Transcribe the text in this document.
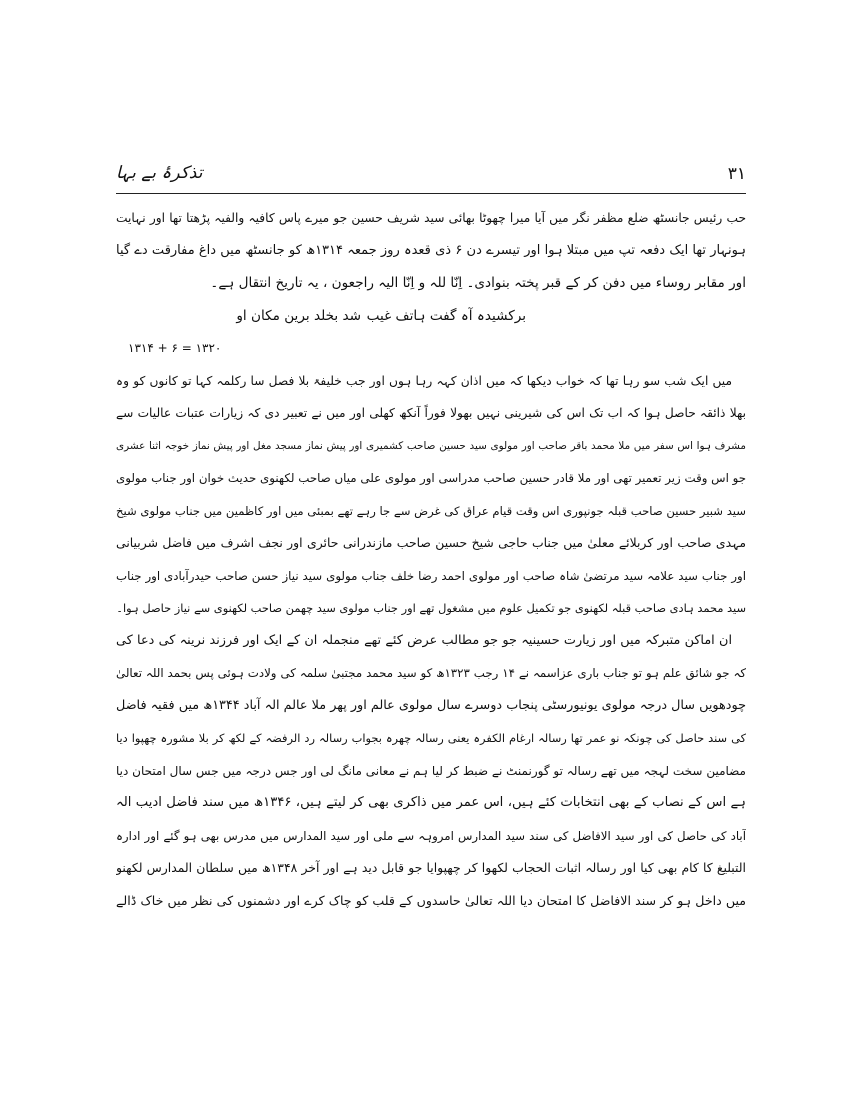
۳۱
تذکرۂ بے بہا
حب رئیس جانسٹھ ضلع مظفر نگر میں آیا میرا چھوٹا بھائی سید شریف حسین جو میرے پاس کافیہ والفیہ پڑھتا تھا اور نہایت
ہونہار تھا ایک دفعہ تپ میں مبتلا ہوا اور تیسرے دن ۶ ذی قعدہ روز جمعہ ۱۳۱۴ھ کو جانسٹھ میں داغ مفارقت دے گیا
اور مقابر روساء میں دفن کر کے قبر پختہ بنوادی۔ اِنّا للہ و اِنّا الیہ راجعون ، یہ تاریخ انتقال ہے۔
برکشیدہ آہ گفت ہاتف غیب
شد بخلد برین مکان او
۱۳۱۴ + ۶ = ۱۳۲۰
میں ایک شب سو رہا تھا کہ خواب دیکھا کہ میں اذان کہہ رہا ہوں اور جب خلیفۃ بلا فصل سا رکلمہ کہا تو کانوں کو وہ
بھلا ذائقہ حاصل ہوا کہ اب تک اس کی شیرینی نہیں بھولا فوراً آنکھ کھلی اور میں نے تعبیر دی کہ زیارات عتبات عالیات سے
مشرف ہوا اس سفر میں ملا محمد باقر صاحب اور مولوی سید حسین صاحب کشمیری اور پیش نماز مسجد مغل اور پیش نماز خوجہ اثنا عشری
جو اس وقت زیر تعمیر تھی اور ملا قادر حسین صاحب مدراسی اور مولوی علی میاں صاحب لکھنوی حدیث خوان اور جناب مولوی
سید شبیر حسین صاحب قبلہ جونپوری اس وقت قیام عراق کی غرض سے جا رہے تھے بمبئی میں اور کاظمین میں جناب مولوی شیخ
مہدی صاحب اور کربلائے معلیٰ میں جناب حاجی شیخ حسین صاحب مازندرانی حائری اور نجف اشرف میں فاضل شربیانی
اور جناب سید علامہ سید مرتضیٰ شاہ صاحب اور مولوی احمد رضا خلف جناب مولوی سید نیاز حسن صاحب حیدرآبادی اور جناب
سید محمد ہادی صاحب قبلہ لکھنوی جو تکمیل علوم میں مشغول تھے اور جناب مولوی سید چھمن صاحب لکھنوی سے نیاز حاصل ہوا۔
ان اماکن متبرکہ میں اور زیارت حسینیہ جو جو مطالب عرض کئے تھے منجملہ ان کے ایک اور فرزند نرینہ کی دعا کی
کہ جو شائق علم ہو تو جناب باری عزاسمہ نے ۱۴ رجب ۱۳۲۳ھ کو سید محمد مجتبیٰ سلمہ کی ولادت ہوئی پس بحمد اللہ تعالیٰ
چودھویں سال درجہ مولوی یونیورسٹی پنجاب دوسرے سال مولوی عالم اور پھر ملا عالم الہ آباد ۱۳۴۴ھ میں فقیہ فاضل
کی سند حاصل کی چونکہ نو عمر تھا رسالہ ارغام الکفرہ یعنی رسالہ چھرہ بجواب رسالہ رد الرفضہ کے لکھ کر بلا مشورہ چھپوا دیا
مضامین سخت لہجہ میں تھے رسالہ تو گورنمنٹ نے ضبط کر لیا ہم نے معانی مانگ لی اور جس درجہ میں جس سال امتحان دیا
ہے اس کے نصاب کے بھی انتخابات کئے ہیں، اس عمر میں ذاکری بھی کر لیتے ہیں، ۱۳۴۶ھ میں سند فاضل ادیب الہ
آباد کی حاصل کی اور سید الافاضل کی سند سید المدارس امروہہ سے ملی اور سید المدارس میں مدرس بھی ہو گئے اور ادارہ
التبلیغ کا کام بھی کیا اور رسالہ اثبات الحجاب لکھوا کر چھپوایا جو قابل دید ہے اور آخر ۱۳۴۸ھ میں سلطان المدارس لکھنو
میں داخل ہو کر سند الافاضل کا امتحان دیا اللہ تعالیٰ حاسدوں کے قلب کو چاک کرے اور دشمنوں کی نظر میں خاک ڈالے
